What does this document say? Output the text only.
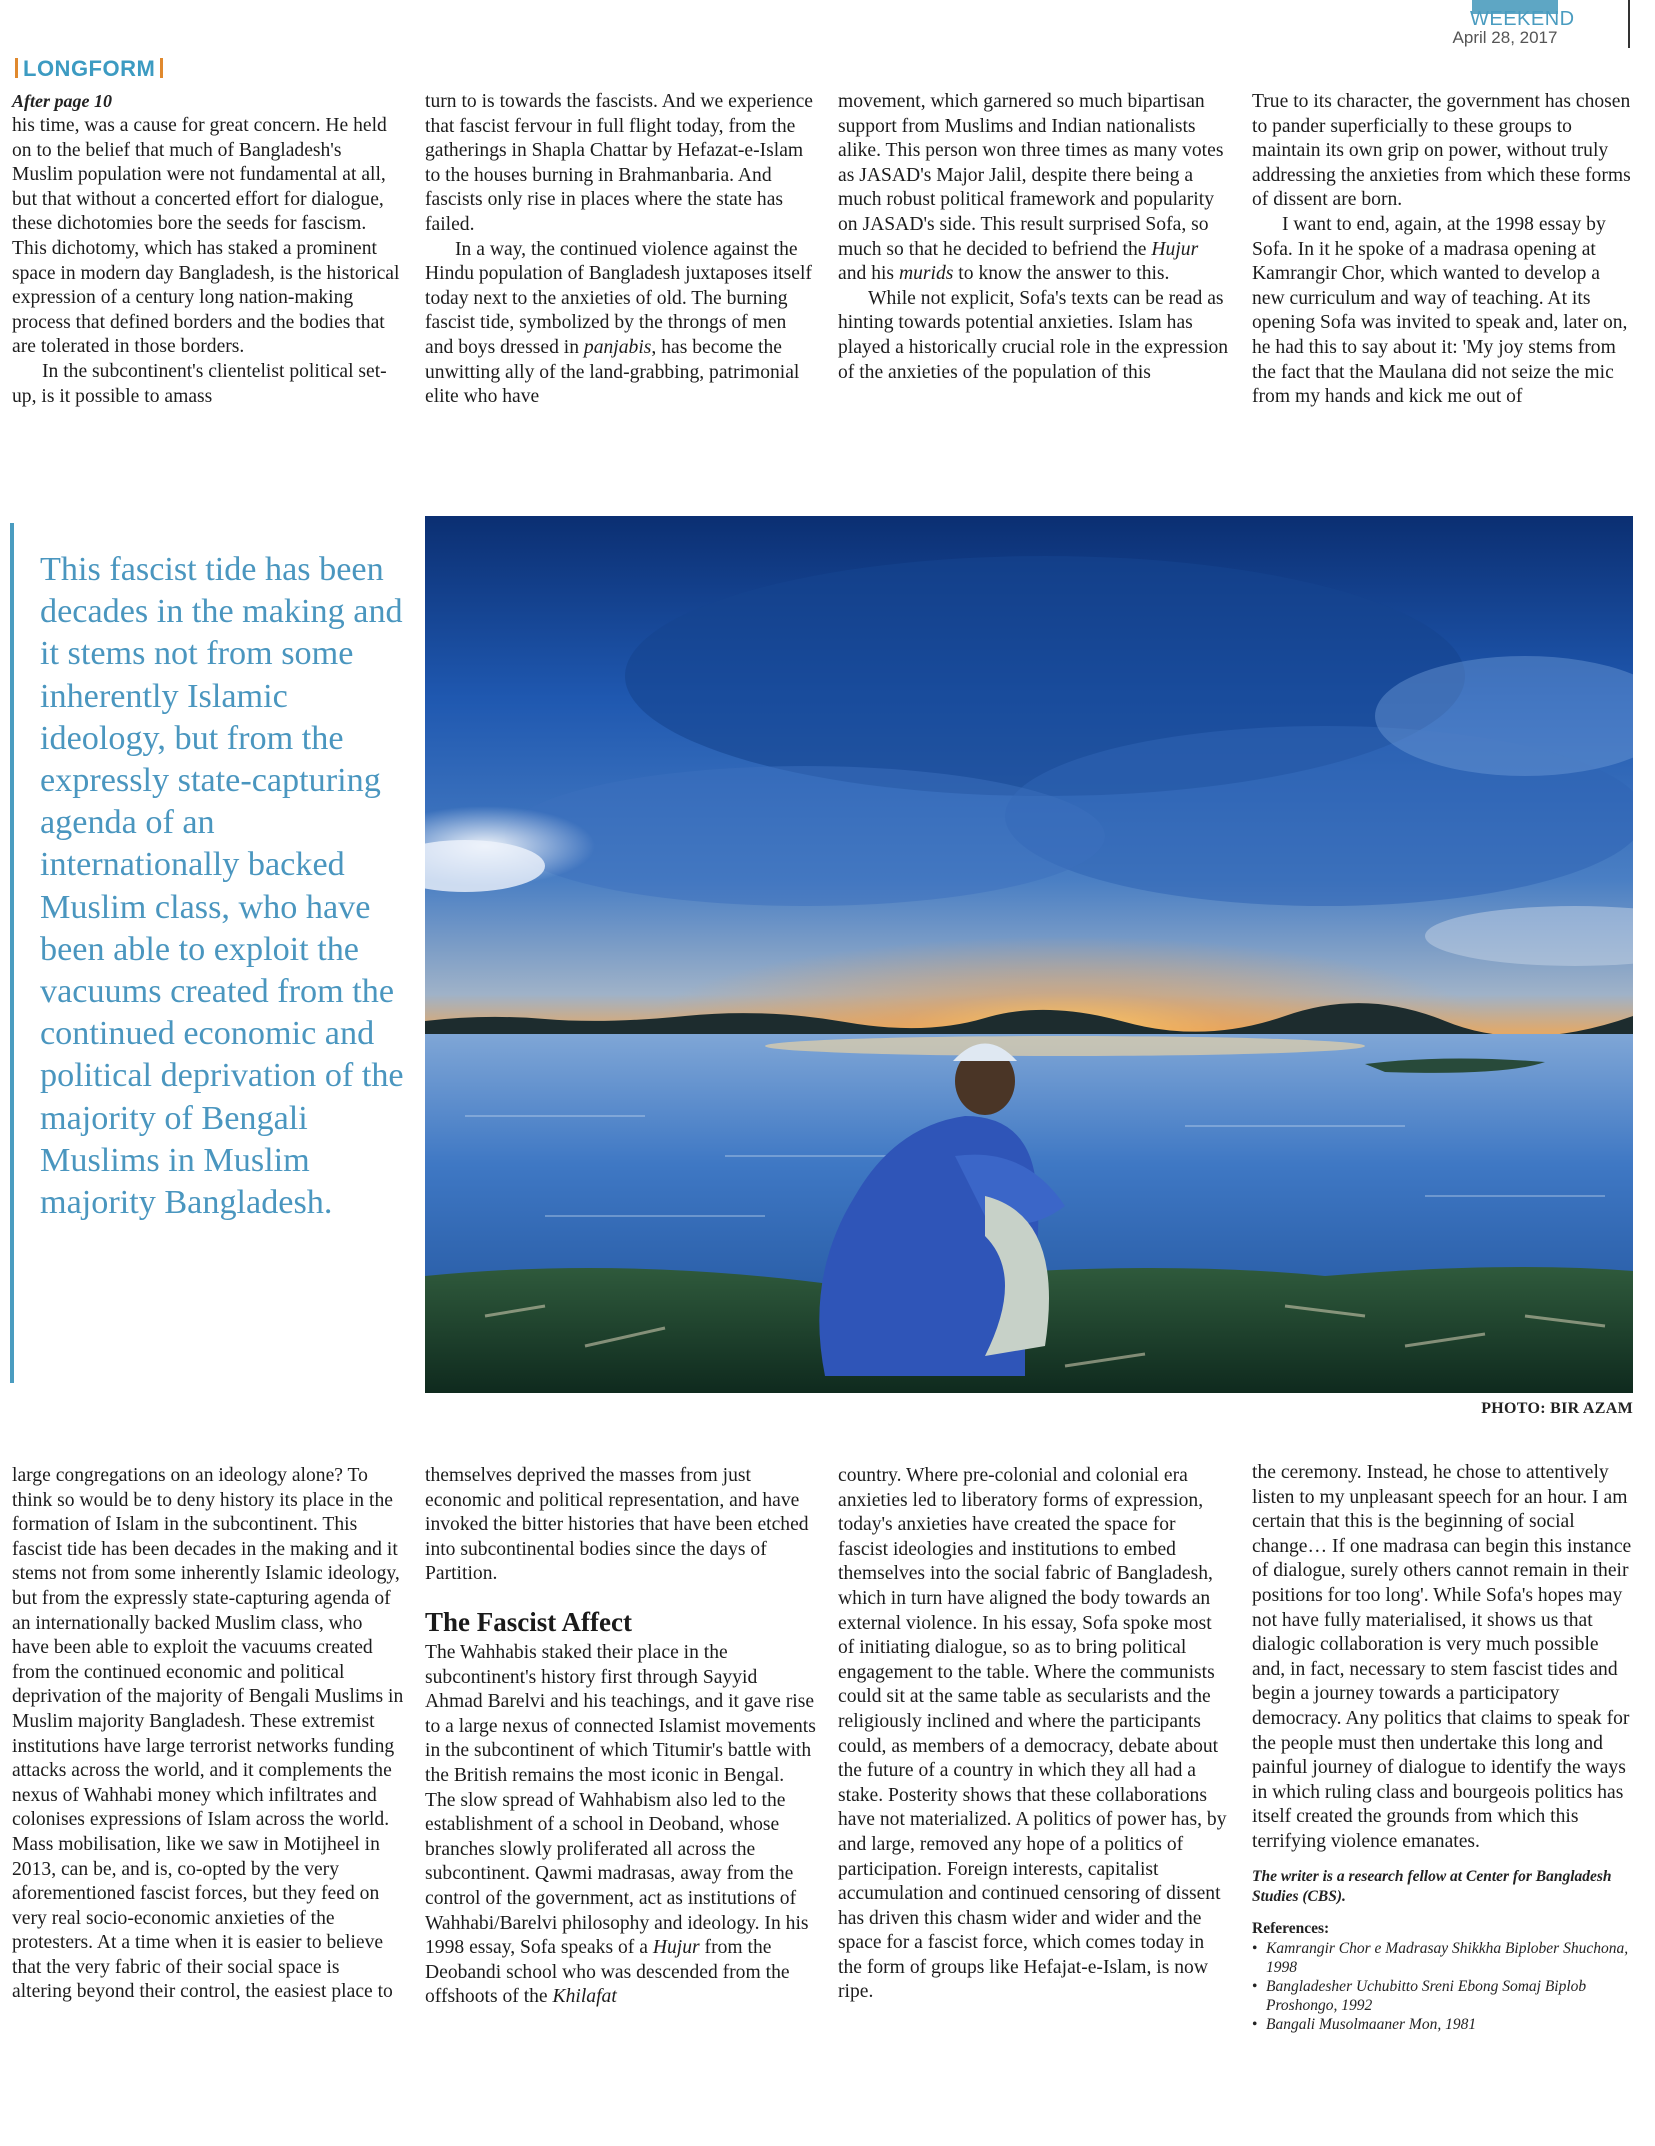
WEEKEND
April 28, 2017
LONGFORM
After page 10

his time, was a cause for great concern. He held on to the belief that much of Bangladesh's Muslim population were not fundamental at all, but that without a concerted effort for dialogue, these dichotomies bore the seeds for fascism. This dichotomy, which has staked a prominent space in modern day Bangladesh, is the historical expression of a century long nation-making process that defined borders and the bodies that are tolerated in those borders.

In the subcontinent's clientelist political set-up, is it possible to amass

turn to is towards the fascists. And we experience that fascist fervour in full flight today, from the gatherings in Shapla Chattar by Hefazat-e-Islam to the houses burning in Brahmanbaria. And fascists only rise in places where the state has failed.

In a way, the continued violence against the Hindu population of Bangladesh juxtaposes itself today next to the anxieties of old. The burning fascist tide, symbolized by the throngs of men and boys dressed in panjabis, has become the unwitting ally of the land-grabbing, patrimonial elite who have

movement, which garnered so much bipartisan support from Muslims and Indian nationalists alike. This person won three times as many votes as JASAD's Major Jalil, despite there being a much robust political framework and popularity on JASAD's side. This result surprised Sofa, so much so that he decided to befriend the Hujur and his murids to know the answer to this.

While not explicit, Sofa's texts can be read as hinting towards potential anxieties. Islam has played a historically crucial role in the expression of the anxieties of the population of this

True to its character, the government has chosen to pander superficially to these groups to maintain its own grip on power, without truly addressing the anxieties from which these forms of dissent are born.

I want to end, again, at the 1998 essay by Sofa. In it he spoke of a madrasa opening at Kamrangir Chor, which wanted to develop a new curriculum and way of teaching. At its opening Sofa was invited to speak and, later on, he had this to say about it: 'My joy stems from the fact that the Maulana did not seize the mic from my hands and kick me out of

This fascist tide has been decades in the making and it stems not from some inherently Islamic ideology, but from the expressly state-capturing agenda of an internationally backed Muslim class, who have been able to exploit the vacuums created from the continued economic and political deprivation of the majority of Bengali Muslims in Muslim majority Bangladesh.
PHOTO: BIR AZAM

large congregations on an ideology alone? To think so would be to deny history its place in the formation of Islam in the subcontinent. This fascist tide has been decades in the making and it stems not from some inherently Islamic ideology, but from the expressly state-capturing agenda of an internationally backed Muslim class, who have been able to exploit the vacuums created from the continued economic and political deprivation of the majority of Bengali Muslims in Muslim majority Bangladesh. These extremist institutions have large terrorist networks funding attacks across the world, and it complements the nexus of Wahhabi money which infiltrates and colonises expressions of Islam across the world. Mass mobilisation, like we saw in Motijheel in 2013, can be, and is, co-opted by the very aforementioned fascist forces, but they feed on very real socio-economic anxieties of the protesters. At a time when it is easier to believe that the very fabric of their social space is altering beyond their control, the easiest place to

themselves deprived the masses from just economic and political representation, and have invoked the bitter histories that have been etched into subcontinental bodies since the days of Partition.

The Fascist Affect

The Wahhabis staked their place in the subcontinent's history first through Sayyid Ahmad Barelvi and his teachings, and it gave rise to a large nexus of connected Islamist movements in the subcontinent of which Titumir's battle with the British remains the most iconic in Bengal. The slow spread of Wahhabism also led to the establishment of a school in Deoband, whose branches slowly proliferated all across the subcontinent. Qawmi madrasas, away from the control of the government, act as institutions of Wahhabi/Barelvi philosophy and ideology. In his 1998 essay, Sofa speaks of a Hujur from the Deobandi school who was descended from the offshoots of the Khilafat

country. Where pre-colonial and colonial era anxieties led to liberatory forms of expression, today's anxieties have created the space for fascist ideologies and institutions to embed themselves into the social fabric of Bangladesh, which in turn have aligned the body towards an external violence. In his essay, Sofa spoke most of initiating dialogue, so as to bring political engagement to the table. Where the communists could sit at the same table as secularists and the religiously inclined and where the participants could, as members of a democracy, debate about the future of a country in which they all had a stake. Posterity shows that these collaborations have not materialized. A politics of power has, by and large, removed any hope of a politics of participation. Foreign interests, capitalist accumulation and continued censoring of dissent has driven this chasm wider and wider and the space for a fascist force, which comes today in the form of groups like Hefajat-e-Islam, is now ripe.

the ceremony. Instead, he chose to attentively listen to my unpleasant speech for an hour. I am certain that this is the beginning of social change… If one madrasa can begin this instance of dialogue, surely others cannot remain in their positions for too long'. While Sofa's hopes may not have fully materialised, it shows us that dialogic collaboration is very much possible and, in fact, necessary to stem fascist tides and begin a journey towards a participatory democracy. Any politics that claims to speak for the people must then undertake this long and painful journey of dialogue to identify the ways in which ruling class and bourgeois politics has itself created the grounds from which this terrifying violence emanates.

The writer is a research fellow at Center for Bangladesh Studies (CBS).
References:
• Kamrangir Chor e Madrasay Shikkha Biplober Shuchona, 1998
• Bangladesher Uchubitto Sreni Ebong Somaj Biplob Proshongo, 1992
• Bangali Musolmaaner Mon, 1981
